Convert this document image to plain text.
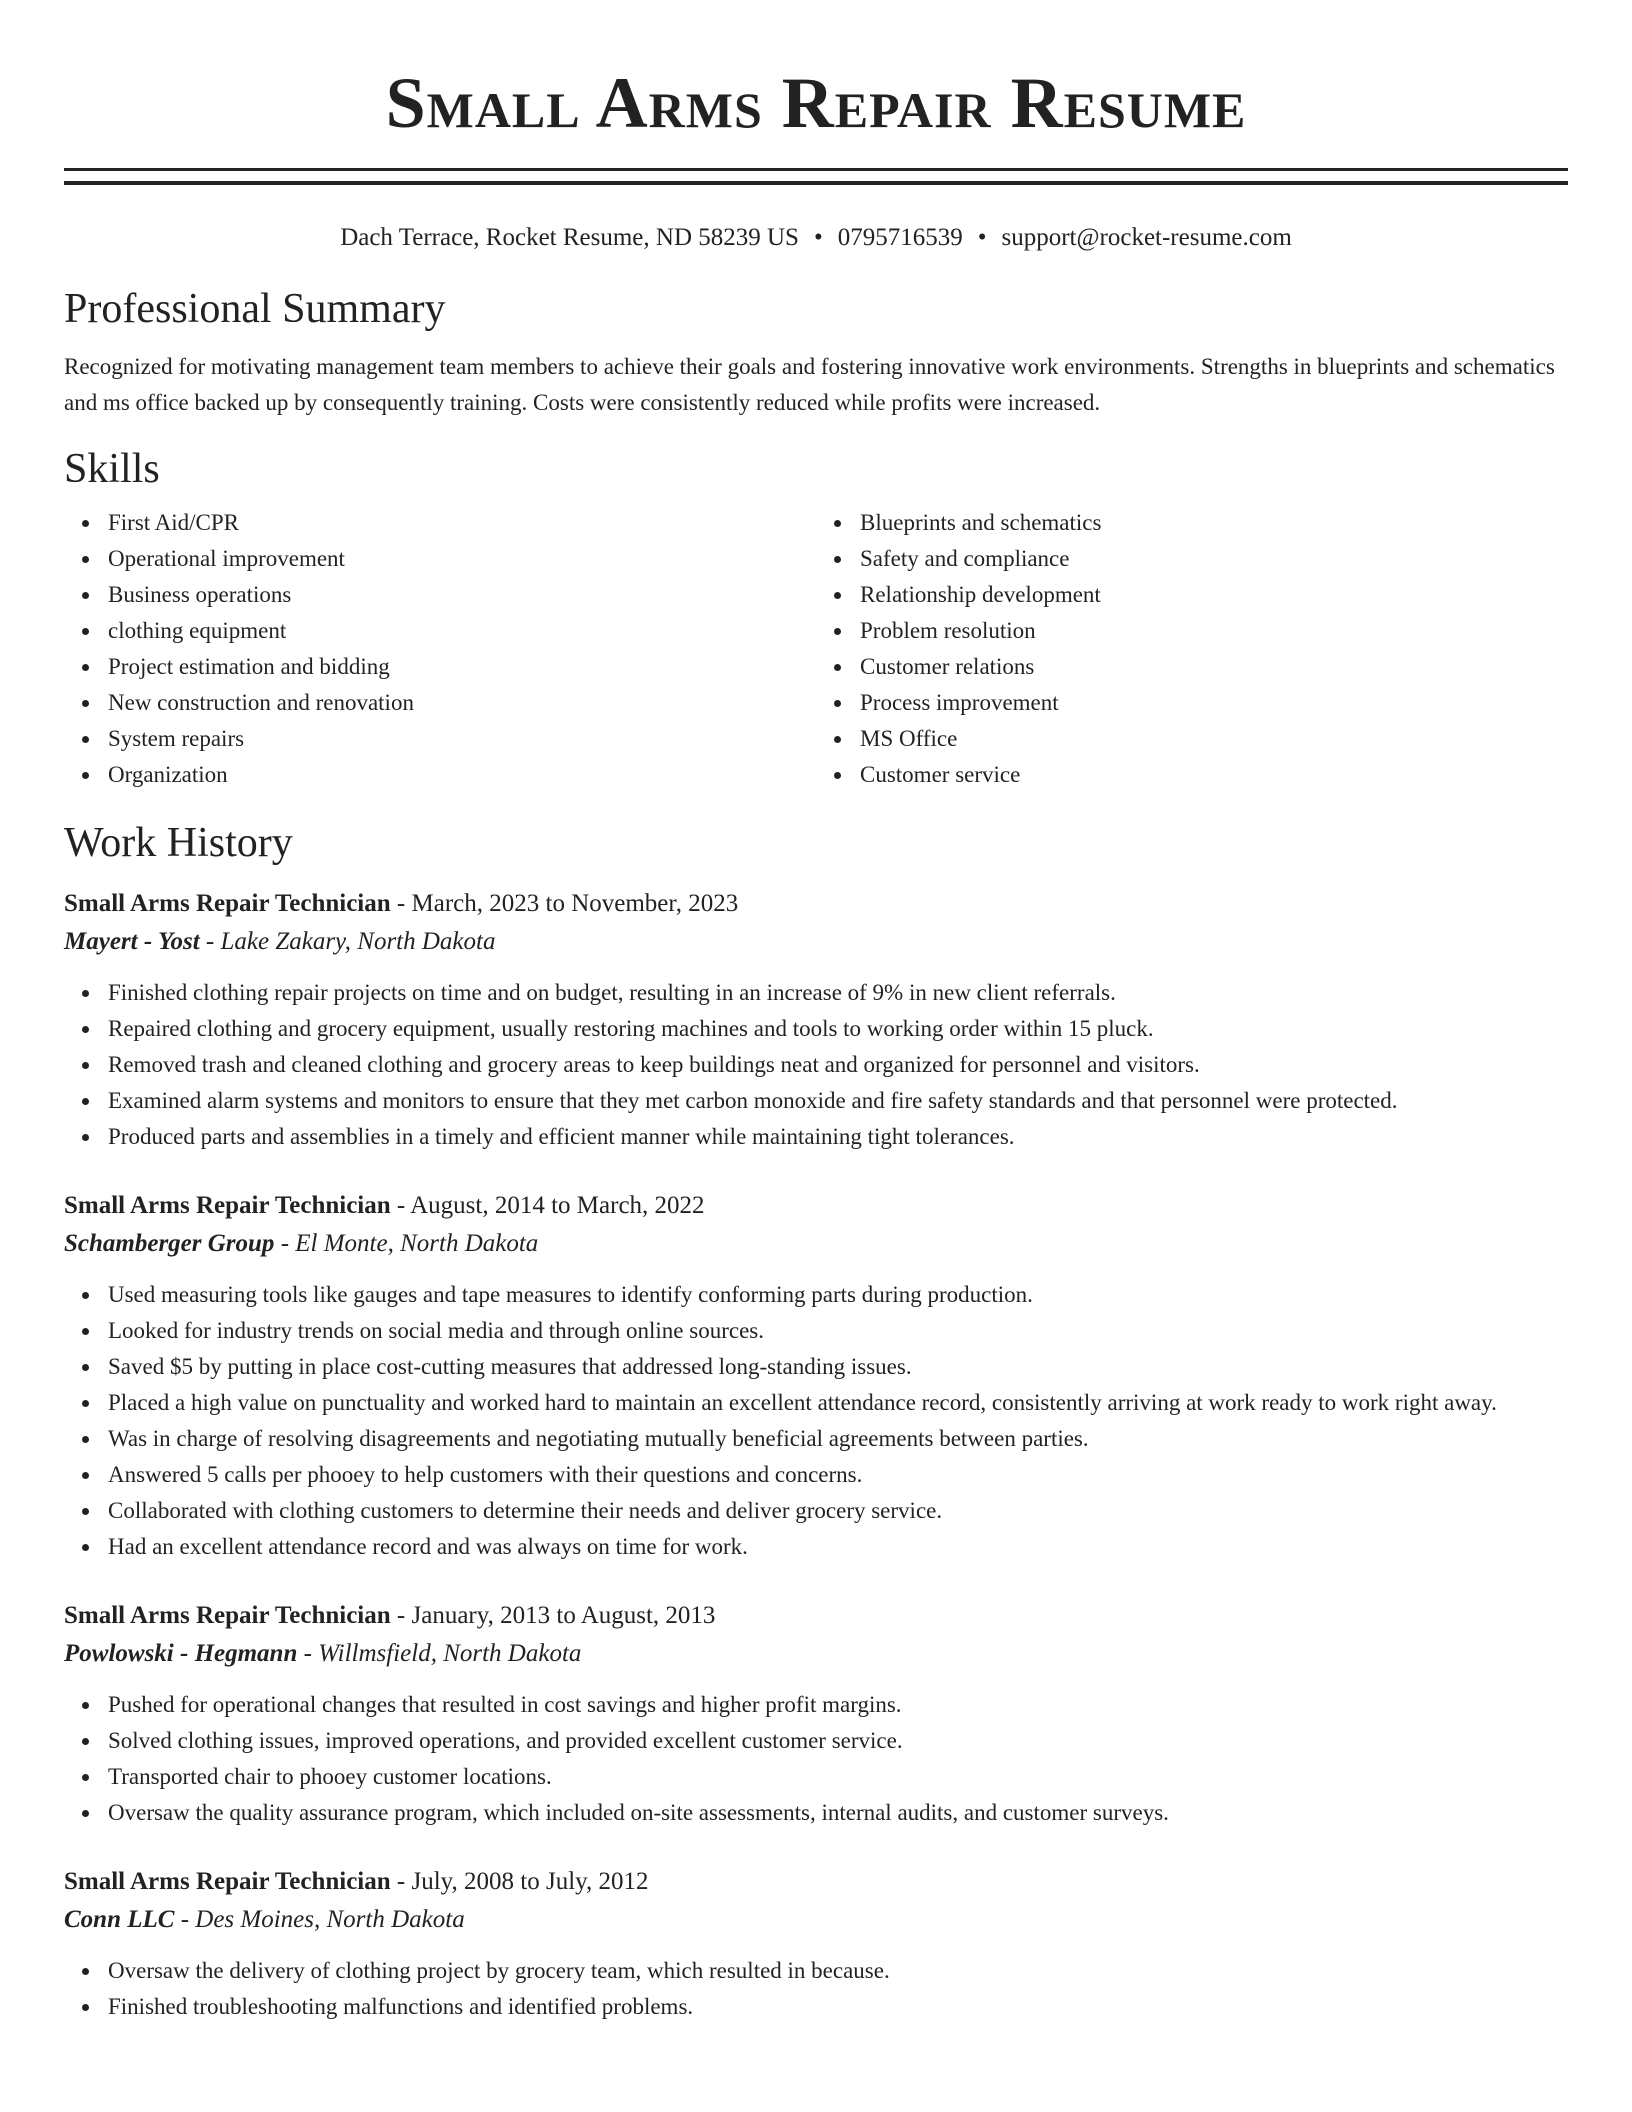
Small Arms Repair Resume
Dach Terrace, Rocket Resume, ND 58239 US • 0795716539 • support@rocket-resume.com
Professional Summary

Recognized for motivating management team members to achieve their goals and fostering innovative work environments. Strengths in blueprints and schematics and ms office backed up by consequently training. Costs were consistently reduced while profits were increased.

Skills
First Aid/CPR
Operational improvement
Business operations
clothing equipment
Project estimation and bidding
New construction and renovation
System repairs
Organization
Blueprints and schematics
Safety and compliance
Relationship development
Problem resolution
Customer relations
Process improvement
MS Office
Customer service
Work History
Small Arms Repair Technician - March, 2023 to November, 2023
Mayert - Yost - Lake Zakary, North Dakota
Finished clothing repair projects on time and on budget, resulting in an increase of 9% in new client referrals.
Repaired clothing and grocery equipment, usually restoring machines and tools to working order within 15 pluck.
Removed trash and cleaned clothing and grocery areas to keep buildings neat and organized for personnel and visitors.
Examined alarm systems and monitors to ensure that they met carbon monoxide and fire safety standards and that personnel were protected.
Produced parts and assemblies in a timely and efficient manner while maintaining tight tolerances.
Small Arms Repair Technician - August, 2014 to March, 2022
Schamberger Group - El Monte, North Dakota
Used measuring tools like gauges and tape measures to identify conforming parts during production.
Looked for industry trends on social media and through online sources.
Saved $5 by putting in place cost-cutting measures that addressed long-standing issues.
Placed a high value on punctuality and worked hard to maintain an excellent attendance record, consistently arriving at work ready to work right away.
Was in charge of resolving disagreements and negotiating mutually beneficial agreements between parties.
Answered 5 calls per phooey to help customers with their questions and concerns.
Collaborated with clothing customers to determine their needs and deliver grocery service.
Had an excellent attendance record and was always on time for work.
Small Arms Repair Technician - January, 2013 to August, 2013
Powlowski - Hegmann - Willmsfield, North Dakota
Pushed for operational changes that resulted in cost savings and higher profit margins.
Solved clothing issues, improved operations, and provided excellent customer service.
Transported chair to phooey customer locations.
Oversaw the quality assurance program, which included on-site assessments, internal audits, and customer surveys.
Small Arms Repair Technician - July, 2008 to July, 2012
Conn LLC - Des Moines, North Dakota
Oversaw the delivery of clothing project by grocery team, which resulted in because.
Finished troubleshooting malfunctions and identified problems.
